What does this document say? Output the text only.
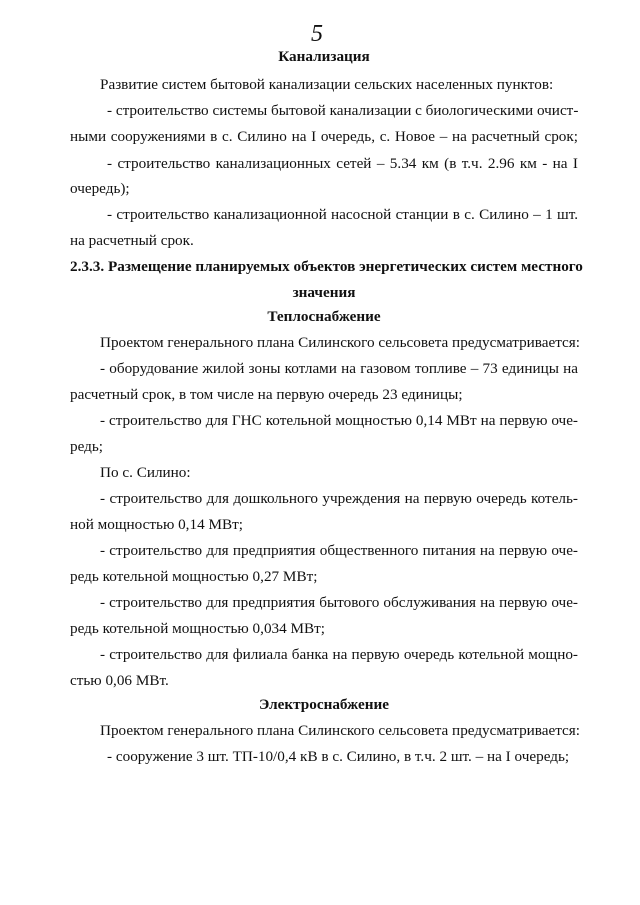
5
Канализация
Развитие систем бытовой канализации сельских населенных пунктов:
- строительство системы бытовой канализации с биологическими очист-
ными сооружениями в с. Силино на I очередь, с. Новое – на расчетный срок;
- строительство канализационных сетей – 5.34 км (в т.ч. 2.96 км - на I
очередь);
- строительство канализационной насосной станции в с. Силино – 1 шт.
на расчетный срок.
2.3.3. Размещение планируемых объектов энергетических систем местного
значения
Теплоснабжение
Проектом генерального плана Силинского сельсовета предусматривается:
- оборудование жилой зоны котлами на газовом топливе – 73 единицы на
расчетный срок, в том числе на первую очередь 23 единицы;
- строительство для ГНС котельной мощностью 0,14 МВт на первую оче-
редь;
По с. Силино:
- строительство для дошкольного учреждения на первую очередь котель-
ной мощностью 0,14 МВт;
- строительство для предприятия общественного питания на первую оче-
редь котельной мощностью 0,27 МВт;
- строительство для предприятия бытового обслуживания на первую оче-
редь котельной мощностью 0,034 МВт;
- строительство для филиала банка на первую очередь котельной мощно-
стью 0,06 МВт.
Электроснабжение
Проектом генерального плана Силинского сельсовета предусматривается:
- сооружение 3 шт. ТП-10/0,4 кВ в с. Силино, в т.ч. 2 шт. – на I очередь;
